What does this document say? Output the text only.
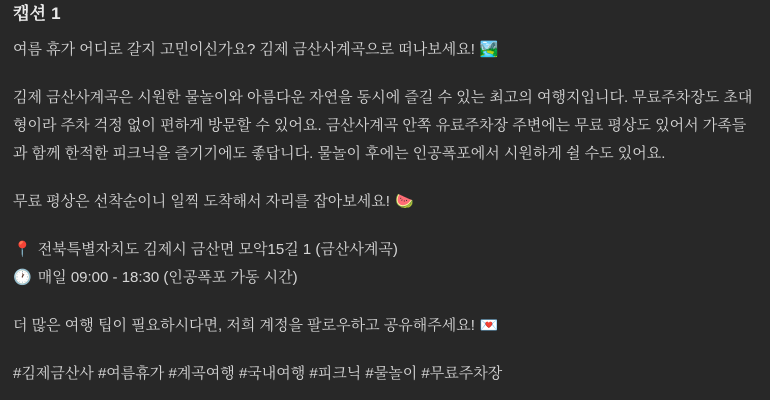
캡션 1

여름 휴가 어디로 갈지 고민이신가요? 김제 금산사계곡으로 떠나보세요! 🏞️

김제 금산사계곡은 시원한 물놀이와 아름다운 자연을 동시에 즐길 수 있는 최고의 여행지입니다. 무료주차장도 초대형이라 주차 걱정 없이 편하게 방문할 수 있어요. 금산사계곡 안쪽 유료주차장 주변에는 무료 평상도 있어서 가족들과 함께 한적한 피크닉을 즐기기에도 좋답니다. 물놀이 후에는 인공폭포에서 시원하게 쉴 수도 있어요.

무료 평상은 선착순이니 일찍 도착해서 자리를 잡아보세요! 🍉

📍 전북특별자치도 김제시 금산면 모악15길 1 (금산사계곡)

🕐 매일 09:00 - 18:30 (인공폭포 가동 시간)

더 많은 여행 팁이 필요하시다면, 저희 계정을 팔로우하고 공유해주세요! 💌

#김제금산사 #여름휴가 #계곡여행 #국내여행 #피크닉 #물놀이 #무료주차장
